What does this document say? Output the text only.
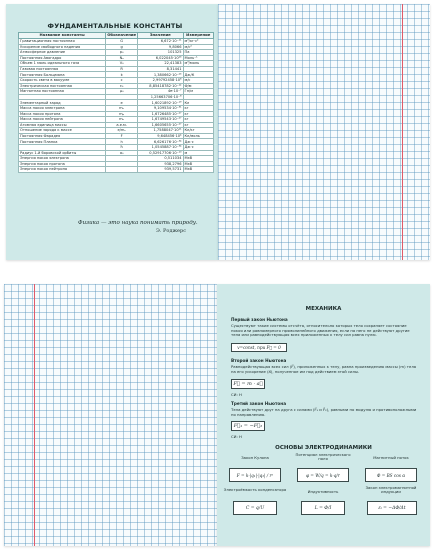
ФУНДАМЕНТАЛЬНЫЕ КОНСТАНТЫ
Название константы	Обозначение	Значение	Измерение
Гравитационная постоянная	G	6,672·10⁻¹¹	м³/кг·с²
Ускорение свободного падения	g	9,8066	м/с²
Атмосферное давление	p₀	101325	Па
Постоянная Авогадро	Nₐ	6,022045·10²³	Моль⁻¹
Объем 1 моль идеального газа	V₀	22,41383	м³/моль
Газовая постоянная	R	8,31441	
Постоянная Больцмана	k	1,380662·10⁻²³	Дж/К
Скорость света в вакууме	c	2,99792458·10⁸	м/с
Электрическая постоянная	ε₀	8,85418782·10⁻¹²	Ф/м
Магнитная постоянная	μ₀	4π·10⁻⁷	Гн/м
		1,25663706·10⁻⁶	
Элементарный заряд	e	1,6021892·10⁻¹⁹	Кл
Масса покоя электрона	mₑ	9,109534·10⁻³¹	кг
Масса покоя протона	mₚ	1,6726485·10⁻²⁷	кг
Масса покоя нейтрона	mₙ	1,6749543·10⁻²⁷	кг
Атомная единица массы	а.е.м.	1,6605655·10⁻²⁷	кг
Отношение заряда к массе	e/mₑ	1,7588047·10¹¹	Кл/кг
Постоянная Фарадея	F	9,648456·10⁴	Кл/моль
Постоянная Планка	h	6,626176·10⁻³⁴	Дж·с
	ħ	1,0545887·10⁻³⁴	Дж·с
Радиус 1-й боровской орбиты	a₀	0,52917706·10⁻¹⁰	м
Энергия покоя электрона		0,511034	МэВ
Энергия покоя протона		938,2796	МэВ
Энергия покоя нейтрона		939,5731	МэВ
Физика — это наука понимать природу.
Э. Роджерс
МЕХАНИКА
Первый закон Ньютона
Существуют такие системы отсчёта, относительно которых тело сохраняет состояние покоя или равномерного прямолинейного движения, если на него не действуют другие тела или равнодействующая всех приложенных к телу сил равна нулю.
v=const, при F⃗ = 0
Второй закон Ньютона
Равнодействующая всех сил (F⃗), приложенных к телу, равна произведению массы (m) тела на его ускорение (a⃗), полученное им под действием этой силы.
F⃗ = m · a⃗
СИ: Н
Третий закон Ньютона
Тела действуют друг на друга с силами (F⃗₁ и F⃗₂), равными по модулю и противоположными по направлению.
F⃗₁ = −F⃗₂
СИ: Н
ОСНОВЫ ЭЛЕКТРОДИНАМИКИ
Закон Кулона
Потенциал электрического поля	Магнитный поток
F = k·|q₁|·|q₂| / r²	φ = W/q = k·q/r	Φ = BS cos α
Электроёмкость конденсатора	Индуктивность
Закон электромагнитной индукции
C = q/U	L = Φ/I	εᵢ = −ΔΦ/Δt
